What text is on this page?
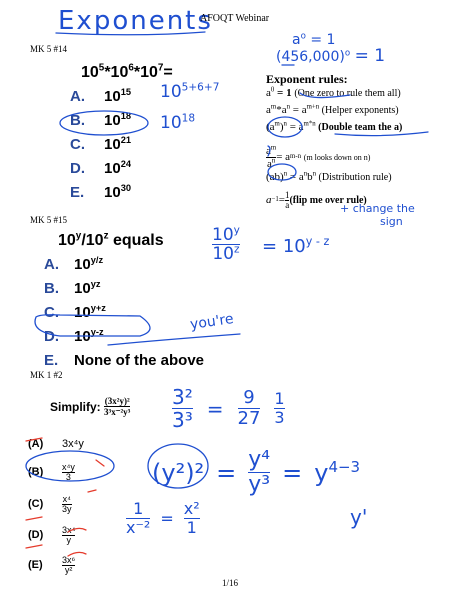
Exponents
AFOQT Webinar
MK 5 #14
$10^5*10^6*10^7=$
A. $10^{15}$
B. $10^{18}$
C. $10^{21}$
D. $10^{24}$
E. $10^{30}$
$10^{5+6+7}$
$10^{18}$
$a^o = 1$
$(456,000)^o = 1$
Exponent rules:
$a^0 = 1$ (One zero to rule them all)
$a^m*a^n = a^{m+n}$ (Helper exponents)
$(a^m)^n = a^{m*n}$ (Double team the a)
$\frac{a^m}{a^n} = a$ m-n
(m looks down on n)
$(ab)^n = a^nb^n$ (Distribution rule)
$a -1 = \frac{1}{a}$ (flip me over rule)
+ change the
sign
MK 5 #15
10$^y$/10$^z$ equals
A. $10^{y/z}$
B. $10^{yz}$
C. $10^{y+z}$
D. 10$^{y-z}$
E. None of the above
$\frac{10^y}{10^z} = 10^{y - z}$
you're
MK 1 #2
Simplify:
$\frac{\text{(3x²y)²}}{\text{3³x⁻²y³}}$
(A)	3x⁴y
(B)	$\frac{\text{x⁴y}}{3}$
(C)	$\frac{\text{x⁴}}{3y}$
(D)	$\frac{\text{3x⁴}}{y}$
(E)	$\frac{\text{3x⁶}}{\text{y²}}$
$\frac{\text{3²}}{\text{3³}} = \frac{9}{27} \frac{1}{3}$
$(y^2)^2 = \frac{\text{y⁴}}{\text{y³}} = y^{4-3}$
y'
$\frac{1}{\text{x⁻²}} = \frac{\text{x²}}{1}$
1/16
